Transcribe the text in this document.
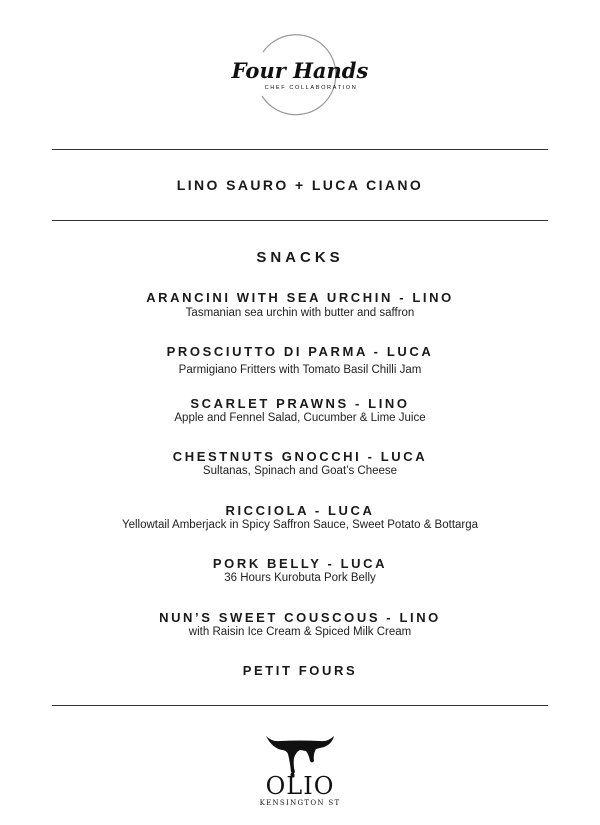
Four Hands
CHEF COLLABORATION
LINO SAURO + LUCA CIANO
SNACKS
ARANCINI WITH SEA URCHIN - LINO
Tasmanian sea urchin with butter and saffron
PROSCIUTTO DI PARMA - LUCA
Parmigiano Fritters with Tomato Basil Chilli Jam
SCARLET PRAWNS - LINO
Apple and Fennel Salad, Cucumber & Lime Juice
CHESTNUTS GNOCCHI - LUCA
Sultanas, Spinach and Goat’s Cheese
RICCIOLA - LUCA
Yellowtail Amberjack in Spicy Saffron Sauce, Sweet Potato & Bottarga
PORK BELLY - LUCA
36 Hours Kurobuta Pork Belly
NUN’S SWEET COUSCOUS - LINO
with Raisin Ice Cream & Spiced Milk Cream
PETIT FOURS
OLIO
KENSINGTON ST
